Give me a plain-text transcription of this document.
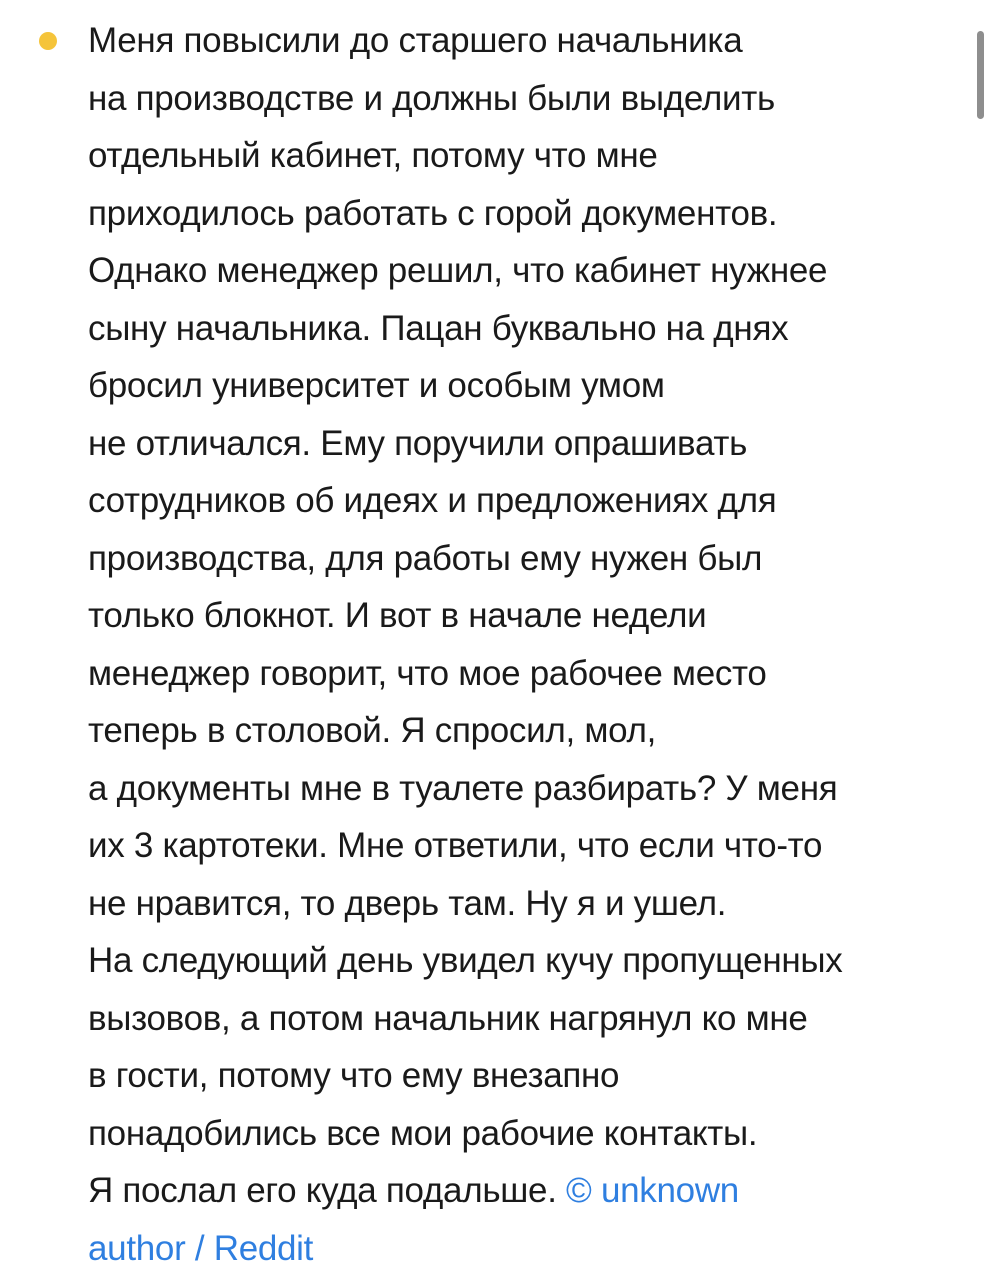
Меня повысили до старшего начальника
на производстве и должны были выделить
отдельный кабинет, потому что мне
приходилось работать с горой документов.
Однако менеджер решил, что кабинет нужнее
сыну начальника. Пацан буквально на днях
бросил университет и особым умом
не отличался. Ему поручили опрашивать
сотрудников об идеях и предложениях для
производства, для работы ему нужен был
только блокнот. И вот в начале недели
менеджер говорит, что мое рабочее место
теперь в столовой. Я спросил, мол,
а документы мне в туалете разбирать? У меня
их 3 картотеки. Мне ответили, что если что-то
не нравится, то дверь там. Ну я и ушел.
На следующий день увидел кучу пропущенных
вызовов, а потом начальник нагрянул ко мне
в гости, потому что ему внезапно
понадобились все мои рабочие контакты.
Я послал его куда подальше. © unknown
author / Reddit
